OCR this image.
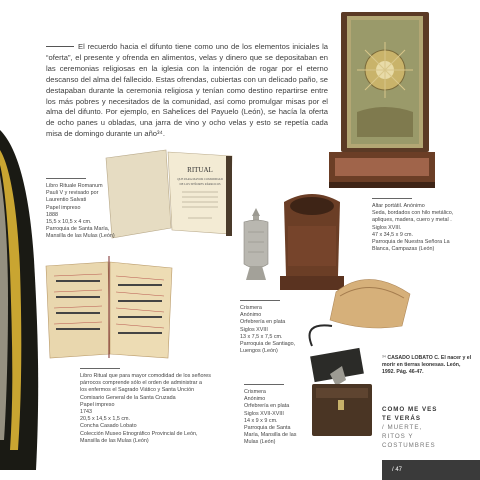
El recuerdo hacia el difunto tiene como uno de los elementos iniciales la “oferta”, el presente y ofrenda en alimentos, velas y dinero que se depositaban en las ceremonias religiosas en la iglesia con la intención de rogar por el eterno descanso del alma del fallecido. Estas ofrendas, cubiertas con un delicado paño, se destapaban durante la ceremonia religiosa y tenían como destino repartirse entre los más pobres y necesitados de la comunidad, así como promulgar misas por el alma del difunto. Por ejemplo, en Sahelices del Payuelo (León), se hacía la oferta de ocho panes u obladas, una jarra de vino y ocho velas y esto se repetía cada misa de domingo durante un año³⁴.
RITUAL
QUE PARA MAYOR COMODIDAD
DE LOS SEÑORES PÁRROCOS
Libro Rituale Romanum
Pauli V y revisado por
Laurentio Salvati
Papel impreso
1888
15,5 x 10,5 x 4 cm.
Parroquia de Santa María,
Mansilla de las Mulas (León)
Altar portátil. Anónimo
Seda, bordados con hilo metálico,
apliques, madera, cuero y metal .
Siglos XVIII.
47 x 34,5 x 9 cm.
Parroquia de Nuestra Señora La
Blanca, Campazas (León)
Crismera
Anónimo
Orfebrería en plata
Siglos XVIII
13 x 7,5 x 7,5 cm.
Parroquia de Santiago,
Luengos (León)
Libro Ritual que para mayor comodidad de los señores
párrocos comprende sólo el orden de administrar a
los enfermos el Sagrado Viático y Santa Unción
Comisario General de la Santa Cruzada
Papel impreso
1743
20,5 x 14,5 x 1,5 cm.
Concha Casado Lobato
Colección Museo Etnográfico Provincial de León,
Mansilla de las Mulas (León)
Crismera
Anónimo
Orfebrería en plata
Siglos XVII-XVIII
14 x 9 x 9 cm.
Parroquia de Santa
María, Mansilla de las
Mulas (León)
³⁴ CASADO LOBATO C. El nacer y el morir en tierras leonesas. León, 1992. Pág. 46-47.
COMO ME VES
TE VERÁS
/ MUERTE,
RITOS Y
COSTUMBRES
/ 47
